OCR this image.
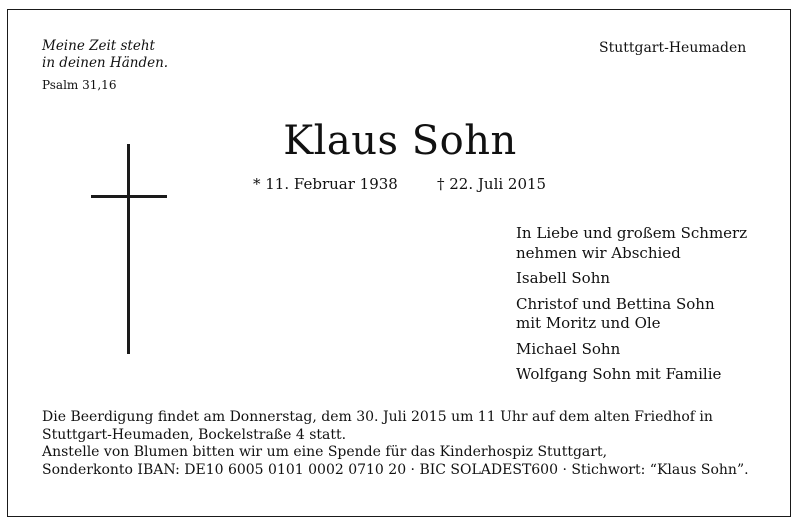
Meine Zeit steht
in deinen Händen.
Psalm 31,16
Stuttgart-Heumaden
Klaus Sohn
* 11. Februar 1938	† 22. Juli 2015
In Liebe und großem Schmerz
nehmen wir Abschied
Isabell Sohn
Christof und Bettina Sohn
mit Moritz und Ole
Michael Sohn
Wolfgang Sohn mit Familie
Die Beerdigung findet am Donnerstag, dem 30. Juli 2015 um 11 Uhr auf dem alten Friedhof in
Stuttgart-Heumaden, Bockelstraße 4 statt.
Anstelle von Blumen bitten wir um eine Spende für das Kinderhospiz Stuttgart,
Sonderkonto IBAN: DE10 6005 0101 0002 0710 20 · BIC SOLADEST600 · Stichwort: “Klaus Sohn”.
